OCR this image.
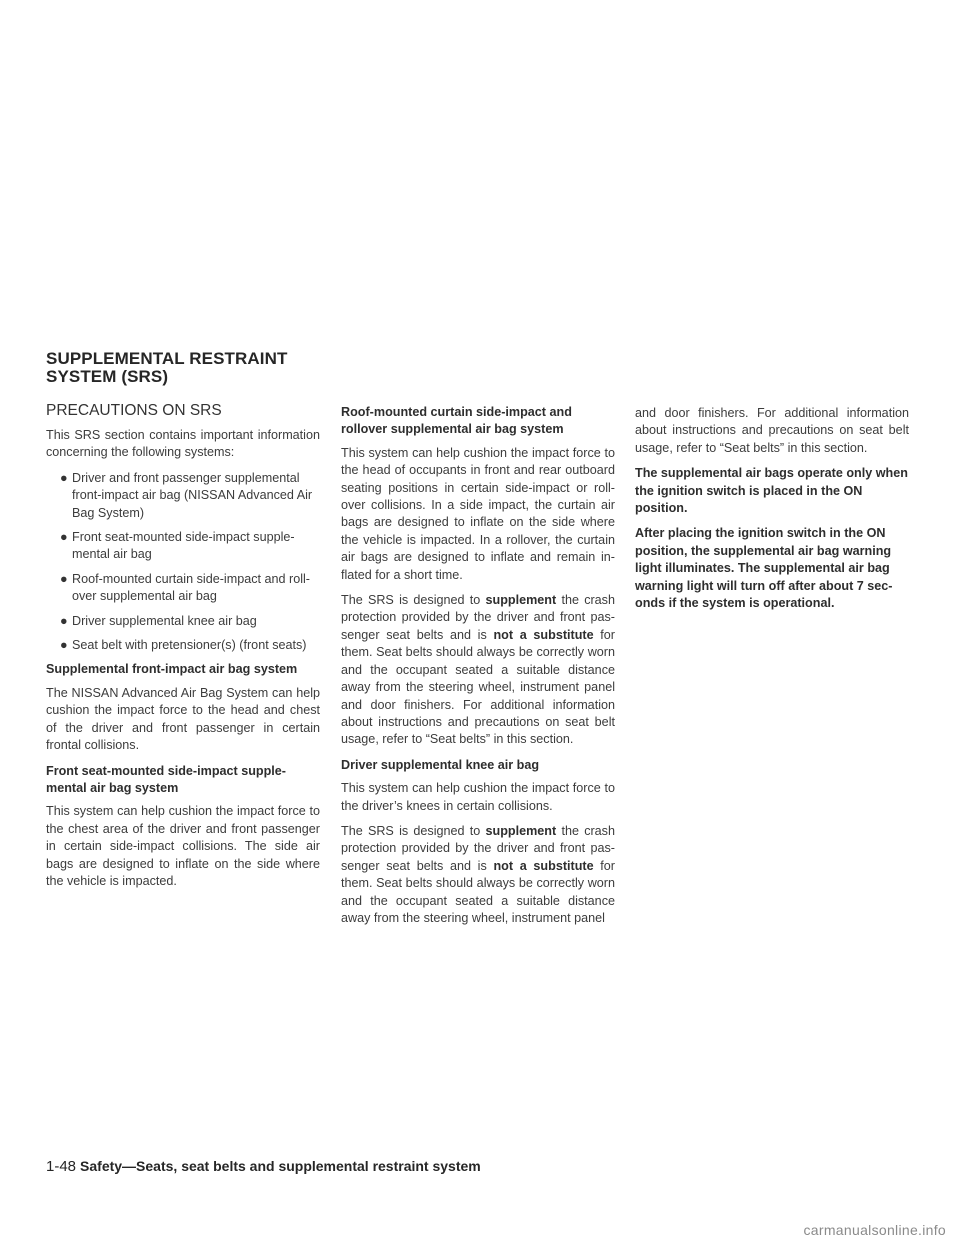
SUPPLEMENTAL RESTRAINT
SYSTEM (SRS)
PRECAUTIONS ON SRS

This SRS section contains important information concerning the following systems:

● Driver and front passenger supplemental front-impact air bag (NISSAN Advanced Air Bag System)
● Front seat-mounted side-impact supple-mental air bag
● Roof-mounted curtain side-impact and roll-over supplemental air bag
● Driver supplemental knee air bag
● Seat belt with pretensioner(s) (front seats)

Supplemental front-impact air bag system

The NISSAN Advanced Air Bag System can help cushion the impact force to the head and chest of the driver and front passenger in certain frontal collisions.

Front seat-mounted side-impact supple-mental air bag system

This system can help cushion the impact force to the chest area of the driver and front passenger in certain side-impact collisions. The side air bags are designed to inflate on the side where the vehicle is impacted.

Roof-mounted curtain side-impact and rollover supplemental air bag system

This system can help cushion the impact force to the head of occupants in front and rear outboard seating positions in certain side-impact or roll-over collisions. In a side impact, the curtain air bags are designed to inflate on the side where the vehicle is impacted. In a rollover, the curtain air bags are designed to inflate and remain in-flated for a short time.

The SRS is designed to supplement the crash protection provided by the driver and front pas-senger seat belts and is not a substitute for them. Seat belts should always be correctly worn and the occupant seated a suitable distance away from the steering wheel, instrument panel and door finishers. For additional information about instructions and precautions on seat belt usage, refer to “Seat belts” in this section.

Driver supplemental knee air bag

This system can help cushion the impact force to the driver’s knees in certain collisions.

The SRS is designed to supplement the crash protection provided by the driver and front pas-senger seat belts and is not a substitute for them. Seat belts should always be correctly worn and the occupant seated a suitable distance away from the steering wheel, instrument panel

and door finishers. For additional information about instructions and precautions on seat belt usage, refer to “Seat belts” in this section.

The supplemental air bags operate only when the ignition switch is placed in the ON position.

After placing the ignition switch in the ON position, the supplemental air bag warning light illuminates. The supplemental air bag warning light will turn off after about 7 sec-onds if the system is operational.

1-48 Safety—Seats, seat belts and supplemental restraint system
carmanualsonline.info
